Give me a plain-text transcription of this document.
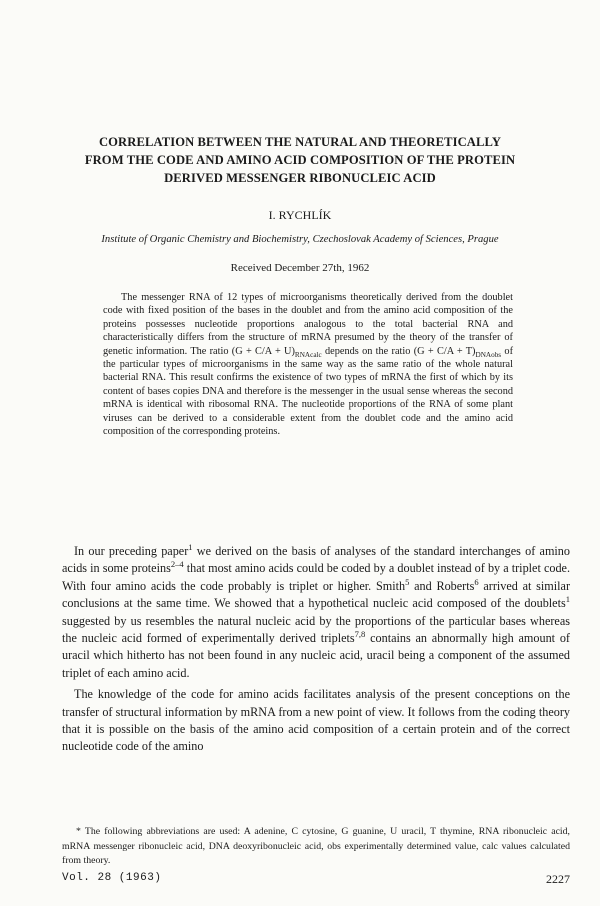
CORRELATION BETWEEN THE NATURAL AND THEORETICALLY
FROM THE CODE AND AMINO ACID COMPOSITION OF THE PROTEIN
DERIVED MESSENGER RIBONUCLEIC ACID
I. RYCHLÍK
Institute of Organic Chemistry and Biochemistry, Czechoslovak Academy of Sciences, Prague
Received December 27th, 1962

The messenger RNA of 12 types of microorganisms theoretically derived from the doublet code with fixed position of the bases in the doublet and from the amino acid composition of the proteins possesses nucleotide proportions analogous to the total bacterial RNA and characteristically differs from the structure of mRNA presumed by the theory of the transfer of genetic information. The ratio $(G + C/A + U)_{RNAcalc}$ depends on the ratio $(G + C/A + T)_{DNAobs}$ of the particular types of microorganisms in the same way as the same ratio of the whole natural bacterial RNA. This result confirms the existence of two types of mRNA the first of which by its content of bases copies DNA and therefore is the messenger in the usual sense whereas the second mRNA is identical with ribosomal RNA. The nucleotide proportions of the RNA of some plant viruses can be derived to a considerable extent from the doublet code and the amino acid composition of the corresponding proteins.

In our preceding paper$^1$ we derived on the basis of analyses of the standard interchanges of amino acids in some proteins$^{2-4}$ that most amino acids could be coded by a doublet instead of by a triplet code. With four amino acids the code probably is triplet or higher. Smith$^5$ and Roberts$^6$ arrived at similar conclusions at the same time. We showed that a hypothetical nucleic acid composed of the doublets$^1$ suggested by us resembles the natural nucleic acid by the proportions of the particular bases whereas the nucleic acid formed of experimentally derived triplets$^{7,8}$ contains an abnormally high amount of uracil which hitherto has not been found in any nucleic acid, uracil being a component of the assumed triplet of each amino acid.

The knowledge of the code for amino acids facilitates analysis of the present conceptions on the transfer of structural information by mRNA from a new point of view. It follows from the coding theory that it is possible on the basis of the amino acid composition of a certain protein and of the correct nucleotide code of the amino

* The following abbreviations are used: A adenine, C cytosine, G guanine, U uracil, T thymine, RNA ribonucleic acid, mRNA messenger ribonucleic acid, DNA deoxyribonucleic acid, obs experimentally determined value, calc values calculated from theory.

Vol. 28 (1963)	2227
